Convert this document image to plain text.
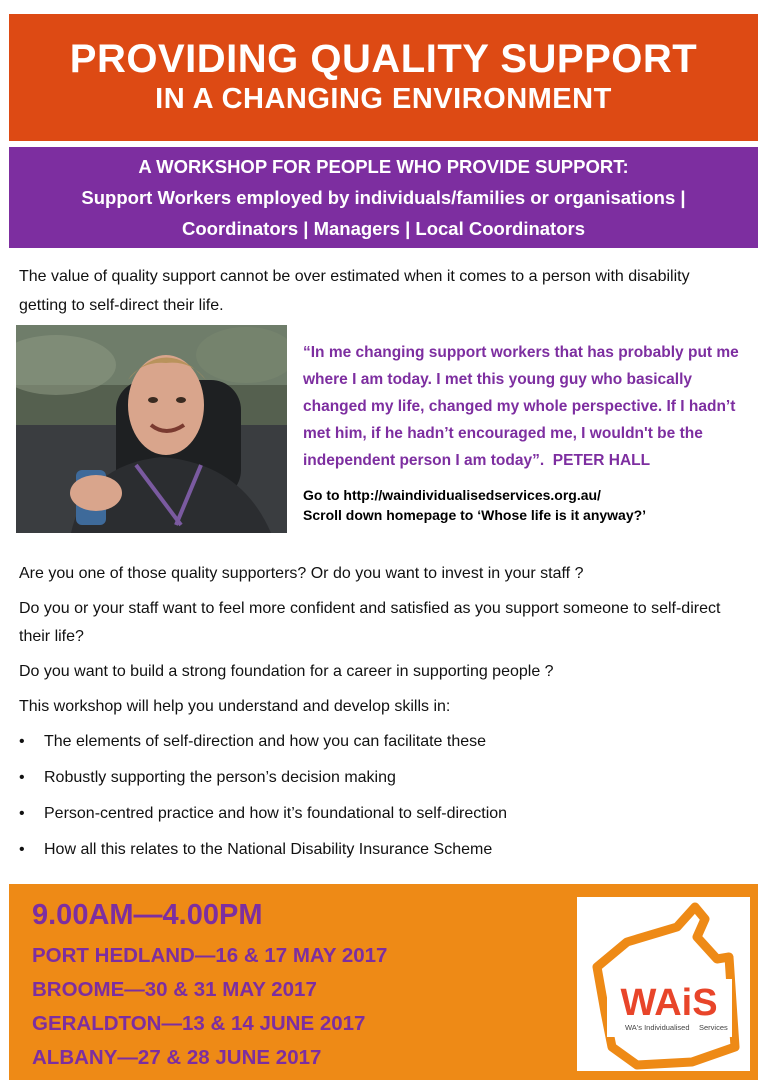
PROVIDING QUALITY SUPPORT
IN A CHANGING ENVIRONMENT
A WORKSHOP FOR PEOPLE WHO PROVIDE SUPPORT:
Support Workers employed by individuals/families or organisations |
Coordinators | Managers | Local Coordinators
The value of quality support cannot be over estimated when it comes to a person with disability getting to self-direct their life.
“In me changing support workers that has probably put me where I am today. I met this young guy who basically changed my life, changed my whole perspective. If I hadn’t met him, if he hadn’t encouraged me, I wouldn't be the independent person I am today”. PETER HALL
Go to http://waindividualisedservices.org.au/
Scroll down homepage to ‘Whose life is it anyway?’

Are you one of those quality supporters? Or do you want to invest in your staff ?

Do you or your staff want to feel more confident and satisfied as you support someone to self-direct their life?

Do you want to build a strong foundation for a career in supporting people ?

This workshop will help you understand and develop skills in:

• The elements of self-direction and how you can facilitate these
• Robustly supporting the person’s decision making
• Person-centred practice and how it’s foundational to self-direction
• How all this relates to the National Disability Insurance Scheme
9.00AM—4.00PM
PORT HEDLAND—16 & 17 MAY 2017
BROOME—30 & 31 MAY 2017
GERALDTON—13 & 14 JUNE 2017
ALBANY—27 & 28 JUNE 2017
WAiS
WA's Individualised Services
